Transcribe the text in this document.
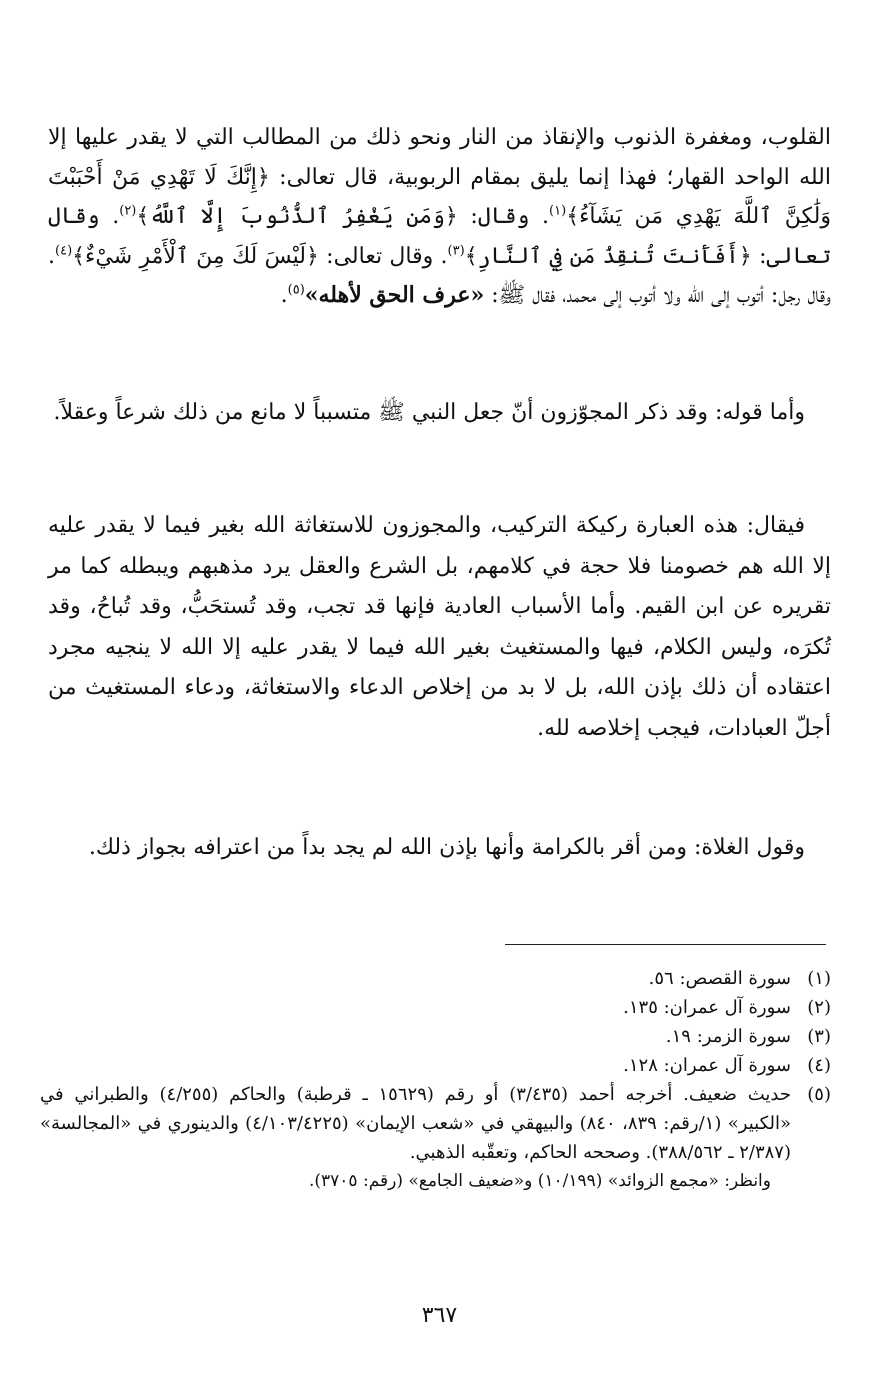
القلوب، ومغفرة الذنوب والإنقاذ من النار ونحو ذلك من المطالب التي لا يقدر عليها إلا الله الواحد القهار؛ فهذا إنما يليق بمقام الربوبية، قال تعالى: ﴿إِنَّكَ لَا تَهْدِي مَنْ أَحْبَبْتَ وَلَٰكِنَّ ٱللَّهَ يَهْدِي مَن يَشَآءُ﴾$^{(١)}$. وقال: ﴿وَمَن يَغْفِرُ ٱلذُّنُوبَ إِلَّا ٱللَّهُ﴾$^{(٢)}$. وقال تعالى: ﴿أَفَأَنتَ تُنقِذُ مَن فِي ٱلنَّارِ﴾$^{(٣)}$. وقال تعالى: ﴿لَيْسَ لَكَ مِنَ ٱلْأَمْرِ شَيْءٌ﴾$^{(٤)}$. وقال رجل: أتوب إلى الله ولا أتوب إلى محمد، فقال ﷺ: «عرف الحق لأهله»$^{(٥)}$.

وأما قوله: وقد ذكر المجوّزون أنّ جعل النبي ﷺ متسبباً لا مانع من ذلك شرعاً وعقلاً.

فيقال: هذه العبارة ركيكة التركيب، والمجوزون للاستغاثة الله بغير فيما لا يقدر عليه إلا الله هم خصومنا فلا حجة في كلامهم، بل الشرع والعقل يرد مذهبهم ويبطله كما مر تقريره عن ابن القيم. وأما الأسباب العادية فإنها قد تجب، وقد تُستحَبُّ، وقد تُباحُ، وقد تُكرَه، وليس الكلام، فيها والمستغيث بغير الله فيما لا يقدر عليه إلا الله لا ينجيه مجرد اعتقاده أن ذلك بإذن الله، بل لا بد من إخلاص الدعاء والاستغاثة، ودعاء المستغيث من أجلّ العبادات، فيجب إخلاصه لله.

وقول الغلاة: ومن أقر بالكرامة وأنها بإذن الله لم يجد بداً من اعترافه بجواز ذلك.

(١)
سورة القصص: ٥٦.
(٢)
سورة آل عمران: ١٣٥.
(٣)
سورة الزمر: ١٩.
(٤)
سورة آل عمران: ١٢٨.
(٥)
حديث ضعيف. أخرجه أحمد (٣/٤٣٥) أو رقم (١٥٦٢٩ ـ قرطبة) والحاكم (٤/٢٥٥) والطبراني في «الكبير» (١/رقم: ٨٣٩، ٨٤٠) والبيهقي في «شعب الإيمان» (٤/١٠٣/٤٢٢٥) والدينوري في «المجالسة» (٢/٣٨٧ ـ ٣٨٨/٥٦٢). وصححه الحاكم، وتعقّبه الذهبي.
وانظر: «مجمع الزوائد» (١٠/١٩٩) و«ضعيف الجامع» (رقم: ٣٧٠٥).
٣٦٧
